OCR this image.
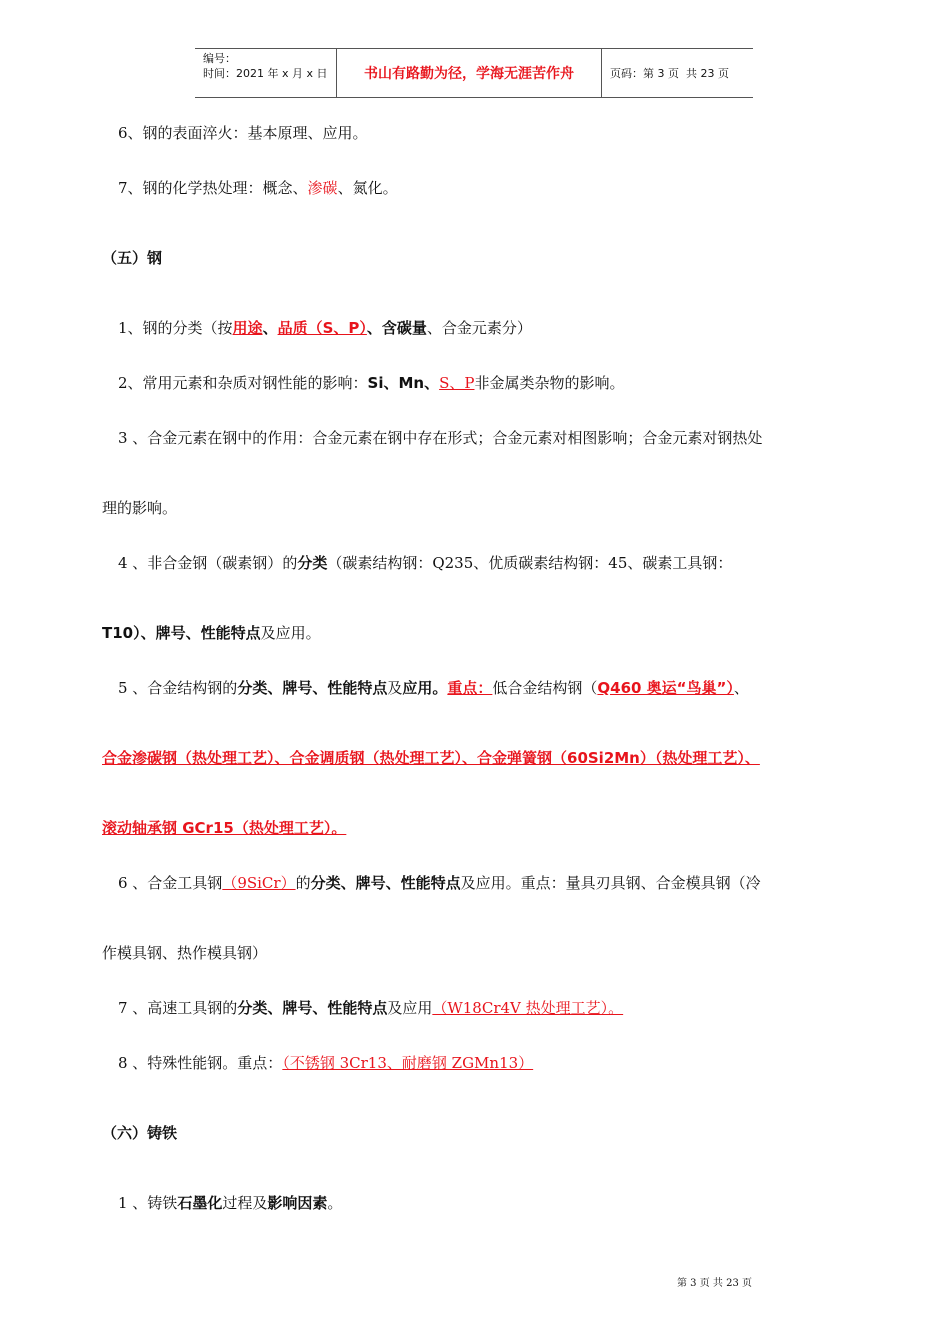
编号：
时间：2021 年 x 月 x 日	书山有路勤为径，学海无涯苦作舟	页码：第 3 页  共 23 页
6、钢的表面淬火：基本原理、应用。
7、钢的化学热处理：概念、渗碳、氮化。
（五）钢
1、钢的分类（按用途、品质（S、P）、含碳量、合金元素分）
2、常用元素和杂质对钢性能的影响：Si、Mn、S、P非金属类杂物的影响。
3 、合金元素在钢中的作用：合金元素在钢中存在形式；合金元素对相图影响；合金元素对钢热处
理的影响。
4 、非合金钢（碳素钢）的分类（碳素结构钢：Q235、优质碳素结构钢：45、碳素工具钢：
T10）、牌号、性能特点及应用。
5 、合金结构钢的分类、牌号、性能特点及应用。重点：低合金结构钢（Q460 奥运“鸟巢”）、
合金渗碳钢（热处理工艺）、合金调质钢（热处理工艺）、合金弹簧钢（60Si2Mn）（热处理工艺）、
滚动轴承钢 GCr15（热处理工艺）。
6 、合金工具钢（9SiCr）的分类、牌号、性能特点及应用。重点：量具刃具钢、合金模具钢（冷
作模具钢、热作模具钢）
7 、高速工具钢的分类、牌号、性能特点及应用（W18Cr4V 热处理工艺）。
8 、特殊性能钢。重点：（不锈钢 3Cr13、耐磨钢 ZGMn13）
（六）铸铁
1 、铸铁石墨化过程及影响因素。
第 3 页 共 23 页
